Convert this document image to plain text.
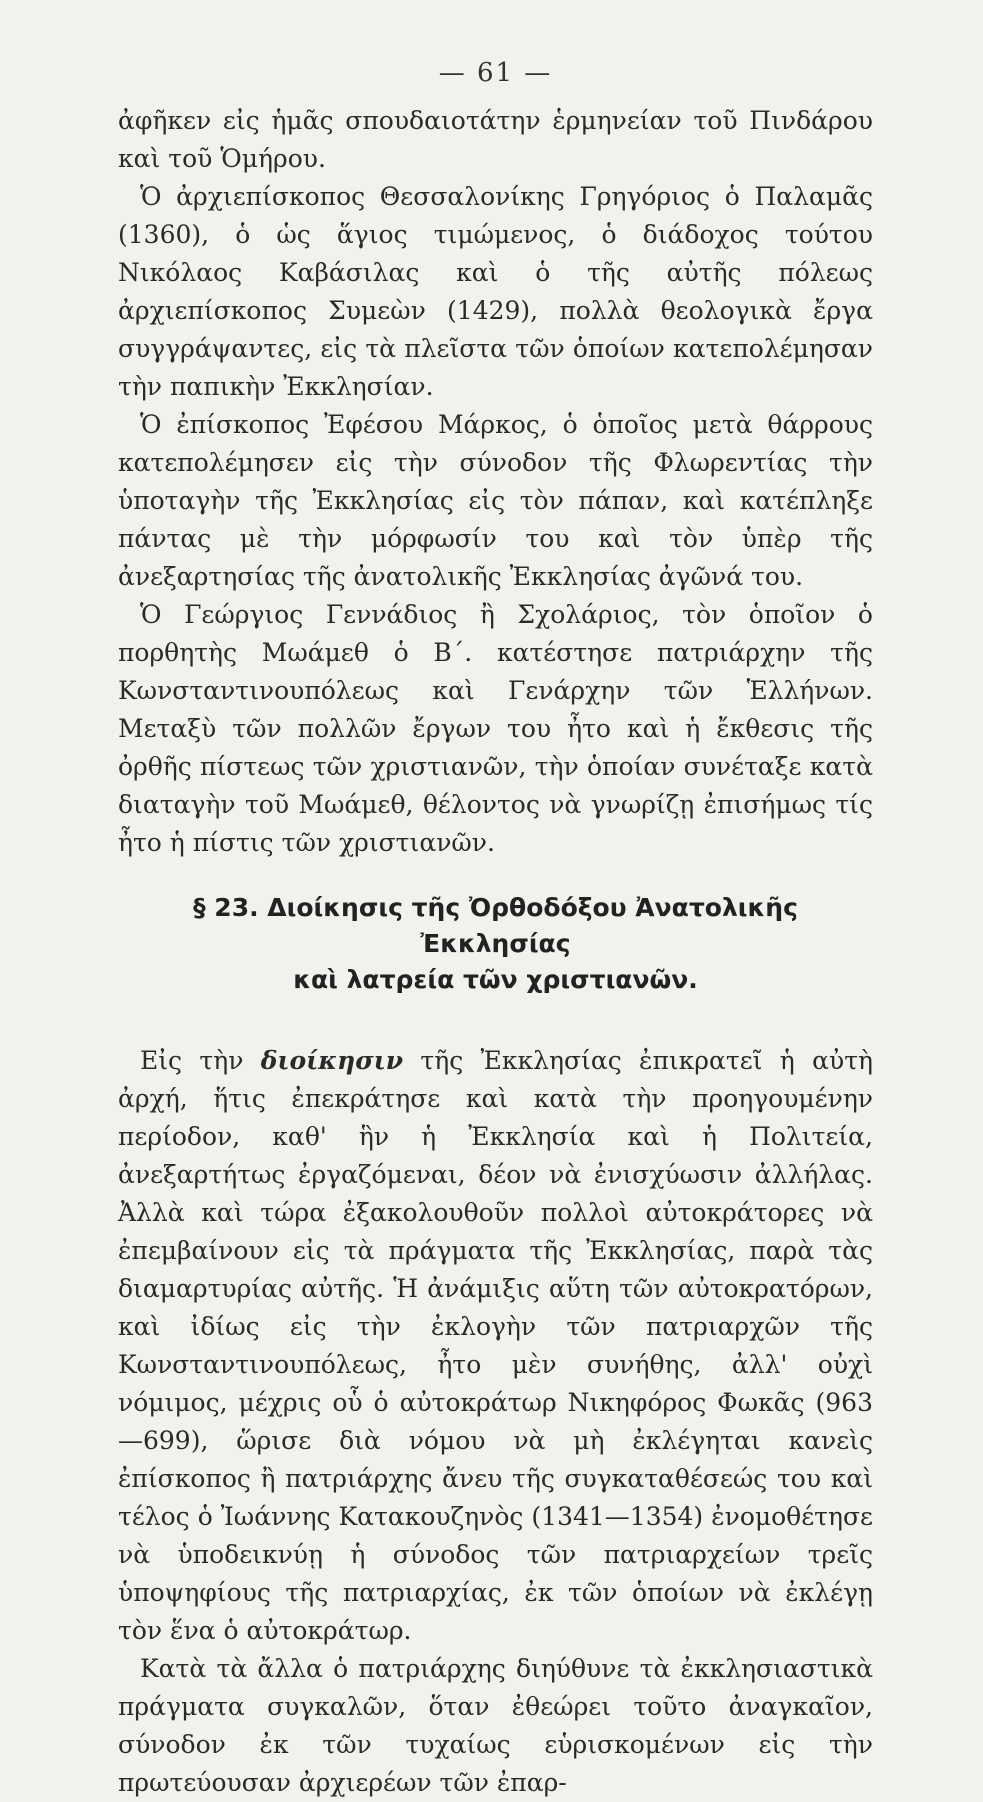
— 61 —

ἀφῆκεν εἰς ἡμᾶς σπουδαιοτάτην ἑρμηνείαν τοῦ Πινδάρου καὶ τοῦ Ὁμήρου.

Ὁ ἀρχιεπίσκοπος Θεσσαλονίκης Γρηγόριος ὁ Παλαμᾶς (1360), ὁ ὡς ἅγιος τιμώμενος, ὁ διάδοχος τούτου Νικόλαος Καβάσιλας καὶ ὁ τῆς αὐτῆς πόλεως ἀρχιεπίσκοπος Συμεὼν (1429), πολλὰ θεολογικὰ ἔργα συγγράψαντες, εἰς τὰ πλεῖστα τῶν ὁποίων κατεπολέμησαν τὴν παπικὴν Ἐκκλησίαν.

Ὁ ἐπίσκοπος Ἐφέσου Μάρκος, ὁ ὁποῖος μετὰ θάρρους κατεπολέμησεν εἰς τὴν σύνοδον τῆς Φλωρεντίας τὴν ὑποταγὴν τῆς Ἐκκλησίας εἰς τὸν πάπαν, καὶ κατέπληξε πάντας μὲ τὴν μόρφωσίν του καὶ τὸν ὑπὲρ τῆς ἀνεξαρτησίας τῆς ἀνατολικῆς Ἐκκλησίας ἀγῶνά του.

Ὁ Γεώργιος Γεννάδιος ἢ Σχολάριος, τὸν ὁποῖον ὁ πορθητὴς Μωάμεθ ὁ Β΄. κατέστησε πατριάρχην τῆς Κωνσταντινουπόλεως καὶ Γενάρχην τῶν Ἑλλήνων. Μεταξὺ τῶν πολλῶν ἔργων του ἦτο καὶ ἡ ἔκθεσις τῆς ὀρθῆς πίστεως τῶν χριστιανῶν, τὴν ὁποίαν συνέταξε κατὰ διαταγὴν τοῦ Μωάμεθ, θέλοντος νὰ γνωρίζῃ ἐπισήμως τίς ἦτο ἡ πίστις τῶν χριστιανῶν.

§ 23. Διοίκησις τῆς Ὀρθοδόξου Ἀνατολικῆς Ἐκκλησίας
καὶ λατρεία τῶν χριστιανῶν.

Εἰς τὴν διοίκησιν τῆς Ἐκκλησίας ἐπικρατεῖ ἡ αὐτὴ ἀρχή, ἥτις ἐπεκράτησε καὶ κατὰ τὴν προηγουμένην περίοδον, καθ' ἣν ἡ Ἐκκλησία καὶ ἡ Πολιτεία, ἀνεξαρτήτως ἐργαζόμεναι, δέον νὰ ἐνισχύωσιν ἀλλήλας. Ἀλλὰ καὶ τώρα ἐξακολουθοῦν πολλοὶ αὐτοκράτορες νὰ ἐπεμβαίνουν εἰς τὰ πράγματα τῆς Ἐκκλησίας, παρὰ τὰς διαμαρτυρίας αὐτῆς. Ἡ ἀνάμιξις αὕτη τῶν αὐτοκρατόρων, καὶ ἰδίως εἰς τὴν ἐκλογὴν τῶν πατριαρχῶν τῆς Κωνσταντινουπόλεως, ἦτο μὲν συνήθης, ἀλλ' οὐχὶ νόμιμος, μέχρις οὗ ὁ αὐτοκράτωρ Νικηφόρος Φωκᾶς (963—699), ὥρισε διὰ νόμου νὰ μὴ ἐκλέγηται κανεὶς ἐπίσκοπος ἢ πατριάρχης ἄνευ τῆς συγκαταθέσεώς του καὶ τέλος ὁ Ἰωάννης Κατακουζηνὸς (1341—1354) ἐνομοθέτησε νὰ ὑποδεικνύῃ ἡ σύνοδος τῶν πατριαρχείων τρεῖς ὑποψηφίους τῆς πατριαρχίας, ἐκ τῶν ὁποίων νὰ ἐκλέγῃ τὸν ἕνα ὁ αὐτοκράτωρ.

Κατὰ τὰ ἄλλα ὁ πατριάρχης διηύθυνε τὰ ἐκκλησιαστικὰ πράγματα συγκαλῶν, ὅταν ἐθεώρει τοῦτο ἀναγκαῖον, σύνοδον ἐκ τῶν τυχαίως εὑρισκομένων εἰς τὴν πρωτεύουσαν ἀρχιερέων τῶν ἐπαρ-
